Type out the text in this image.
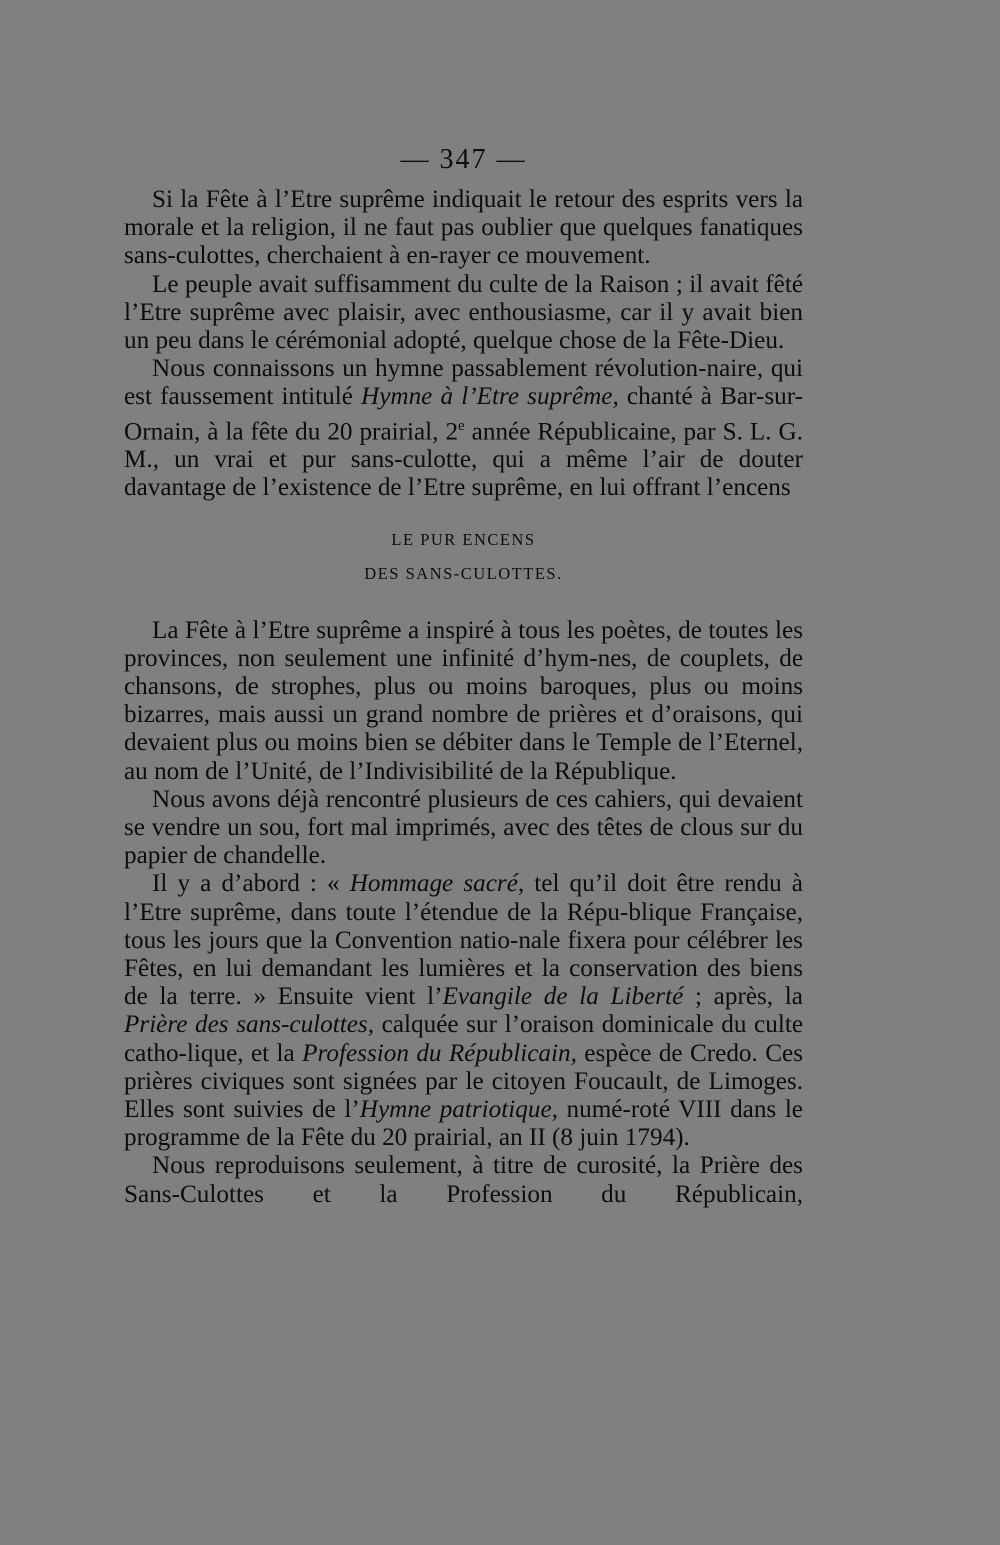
— 347 —

Si la Fête à l’Etre suprême indiquait le retour des esprits vers la morale et la religion, il ne faut pas oublier que quelques fanatiques sans-culottes, cherchaient à en-rayer ce mouvement.

Le peuple avait suffisamment du culte de la Raison ; il avait fêté l’Etre suprême avec plaisir, avec enthousiasme, car il y avait bien un peu dans le cérémonial adopté, quelque chose de la Fête-Dieu.

Nous connaissons un hymne passablement révolution-naire, qui est faussement intitulé Hymne à l’Etre suprême, chanté à Bar-sur-Ornain, à la fête du 20 prairial, 2e année Républicaine, par S. L. G. M., un vrai et pur sans-culotte, qui a même l’air de douter davantage de l’existence de l’Etre suprême, en lui offrant l’encens

LE PUR ENCENS
DES SANS-CULOTTES.

La Fête à l’Etre suprême a inspiré à tous les poètes, de toutes les provinces, non seulement une infinité d’hym-nes, de couplets, de chansons, de strophes, plus ou moins baroques, plus ou moins bizarres, mais aussi un grand nombre de prières et d’oraisons, qui devaient plus ou moins bien se débiter dans le Temple de l’Eternel, au nom de l’Unité, de l’Indivisibilité de la République.

Nous avons déjà rencontré plusieurs de ces cahiers, qui devaient se vendre un sou, fort mal imprimés, avec des têtes de clous sur du papier de chandelle.

Il y a d’abord : « Hommage sacré, tel qu’il doit être rendu à l’Etre suprême, dans toute l’étendue de la Répu-blique Française, tous les jours que la Convention natio-nale fixera pour célébrer les Fêtes, en lui demandant les lumières et la conservation des biens de la terre. » Ensuite vient l’Evangile de la Liberté ; après, la Prière des sans-culottes, calquée sur l’oraison dominicale du culte catho-lique, et la Profession du Républicain, espèce de Credo. Ces prières civiques sont signées par le citoyen Foucault, de Limoges. Elles sont suivies de l’Hymne patriotique, numé-roté VIII dans le programme de la Fête du 20 prairial, an II (8 juin 1794).

Nous reproduisons seulement, à titre de curosité, la Prière des Sans-Culottes et la Profession du Républicain,
